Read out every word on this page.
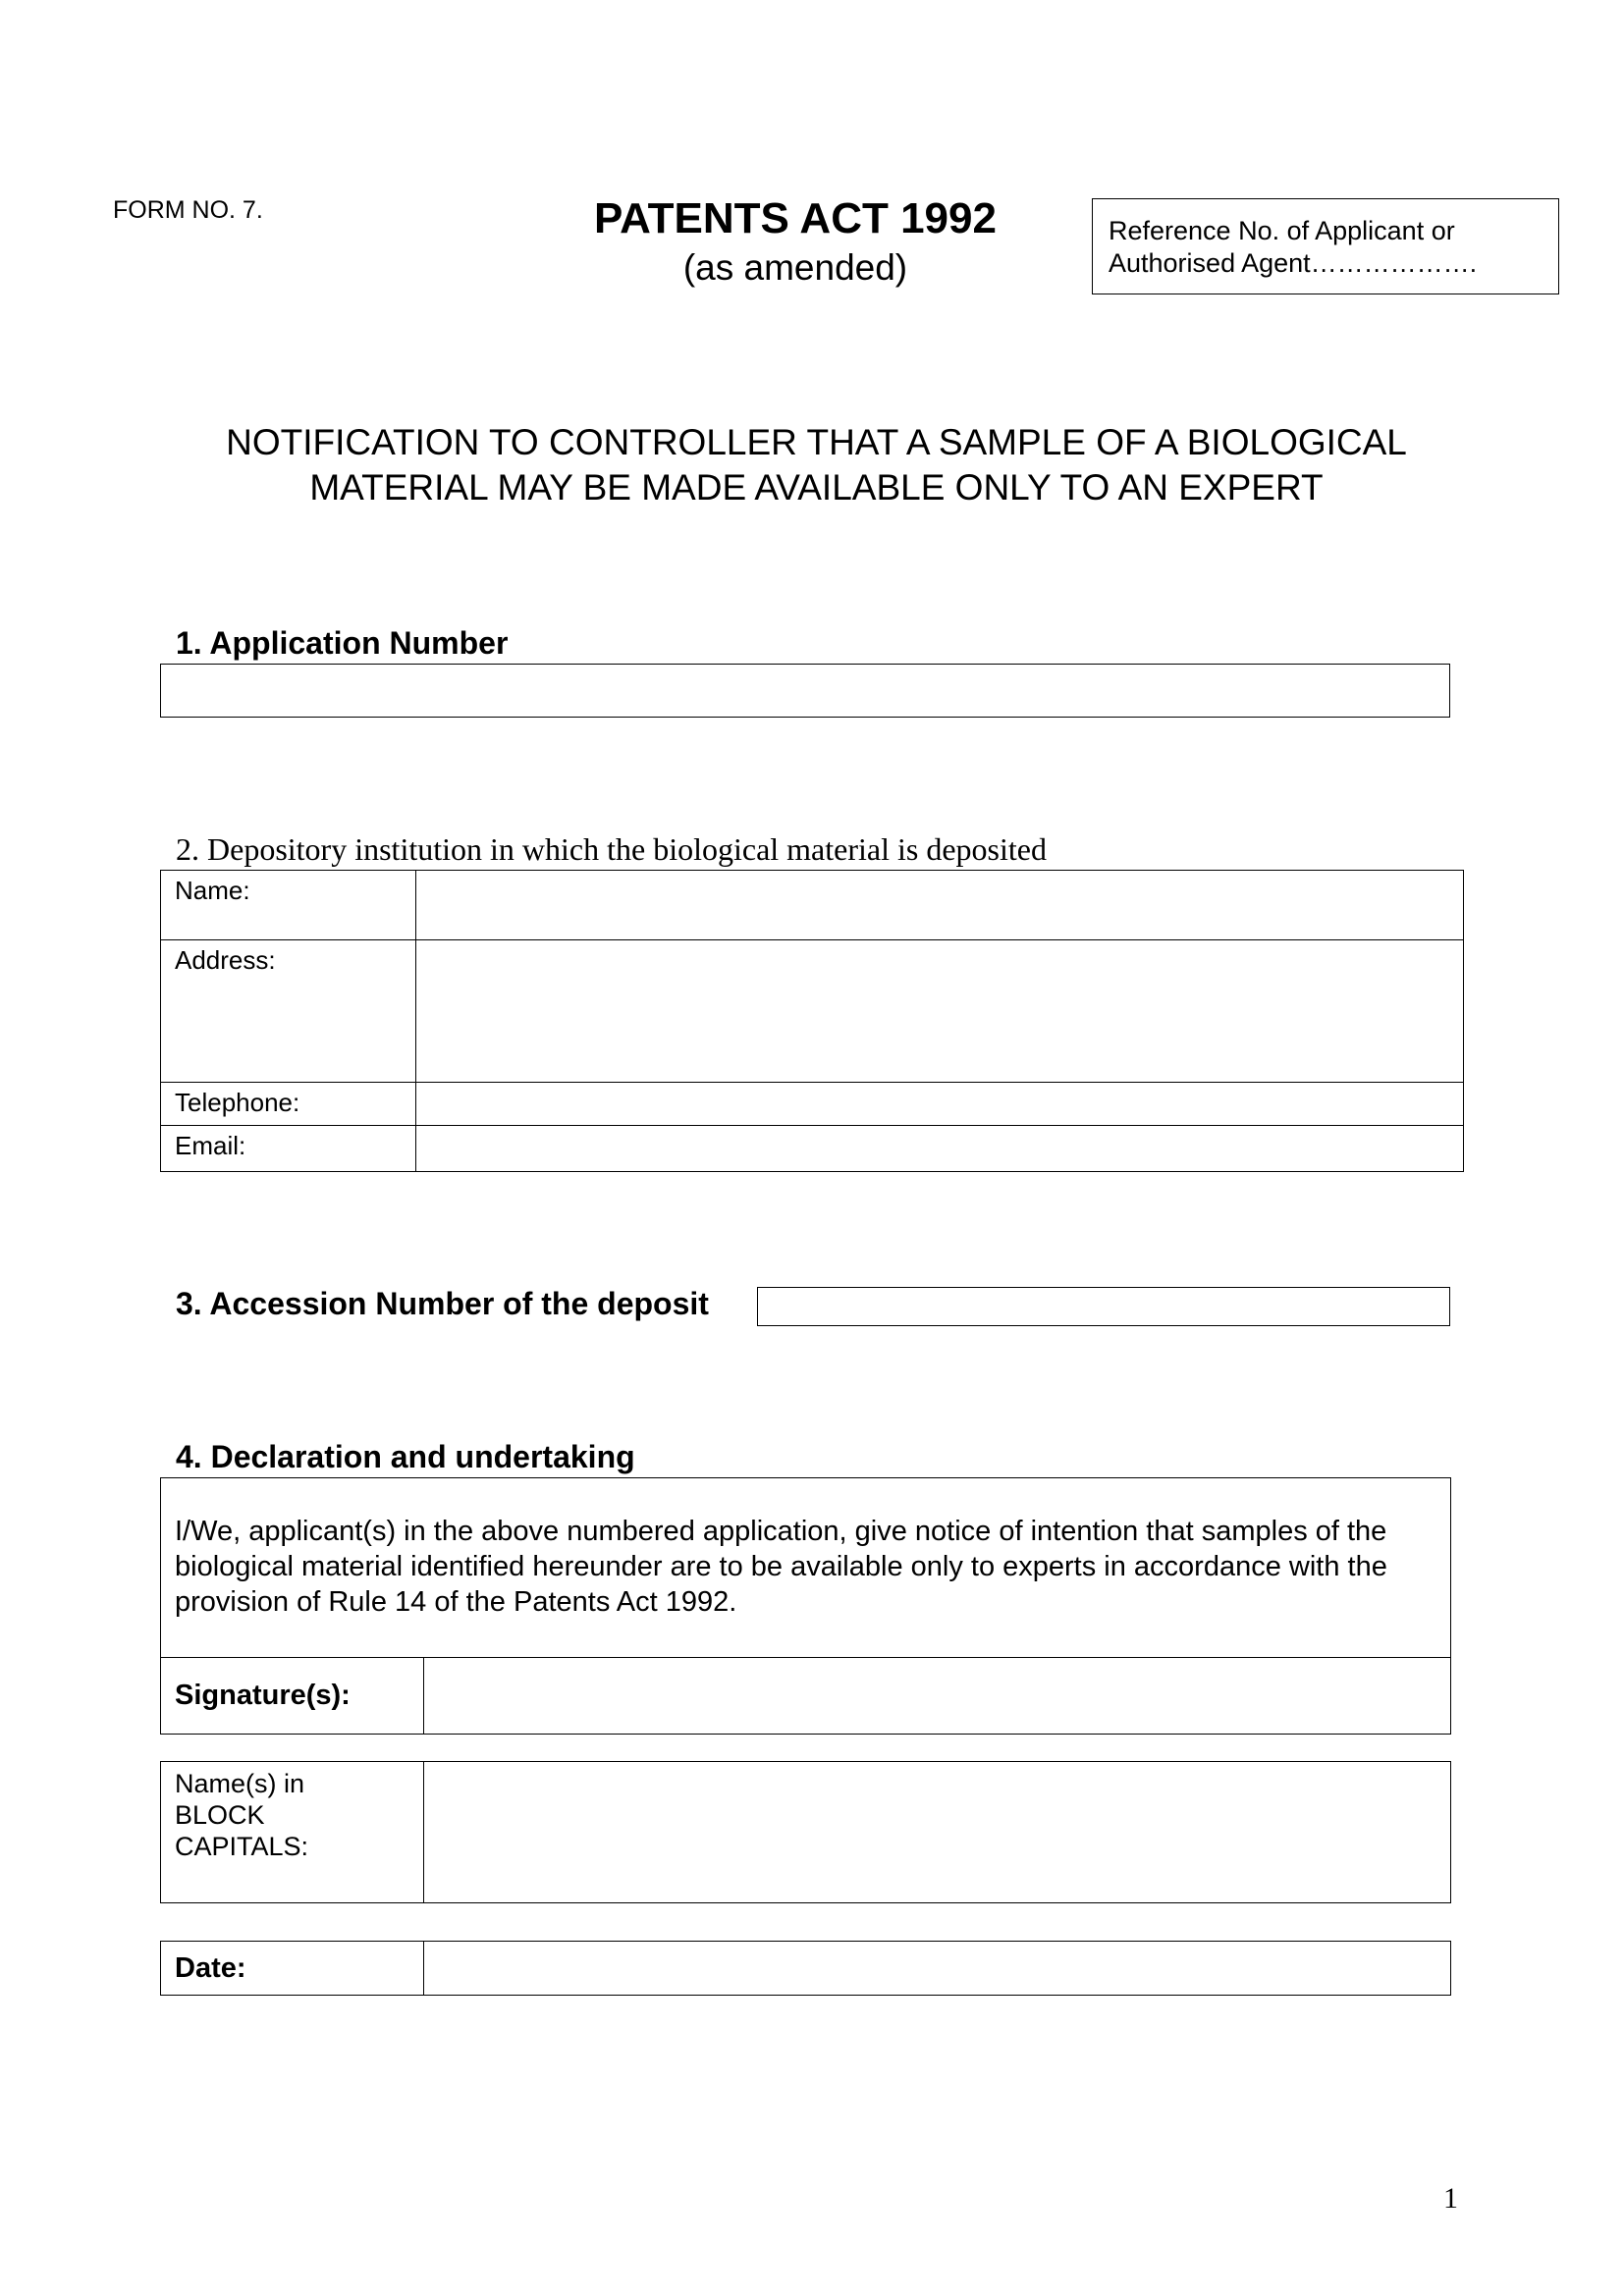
FORM NO. 7.	PATENTS ACT 1992
(as amended)
Reference No. of Applicant or
Authorised Agent……………….
NOTIFICATION TO CONTROLLER THAT A SAMPLE OF A BIOLOGICAL
MATERIAL MAY BE MADE AVAILABLE ONLY TO AN EXPERT
1. Application Number
2. Depository institution in which the biological material is deposited
Name:	
Address:	
Telephone:	
Email:	
3. Accession Number of the deposit
4. Declaration and undertaking
I/We, applicant(s) in the above numbered application, give notice of intention that samples of the biological material identified hereunder are to be available only to experts in accordance with the provision of Rule 14 of the Patents Act 1992.
Signature(s):	
Name(s) in
BLOCK
CAPITALS:

Date:	
1
